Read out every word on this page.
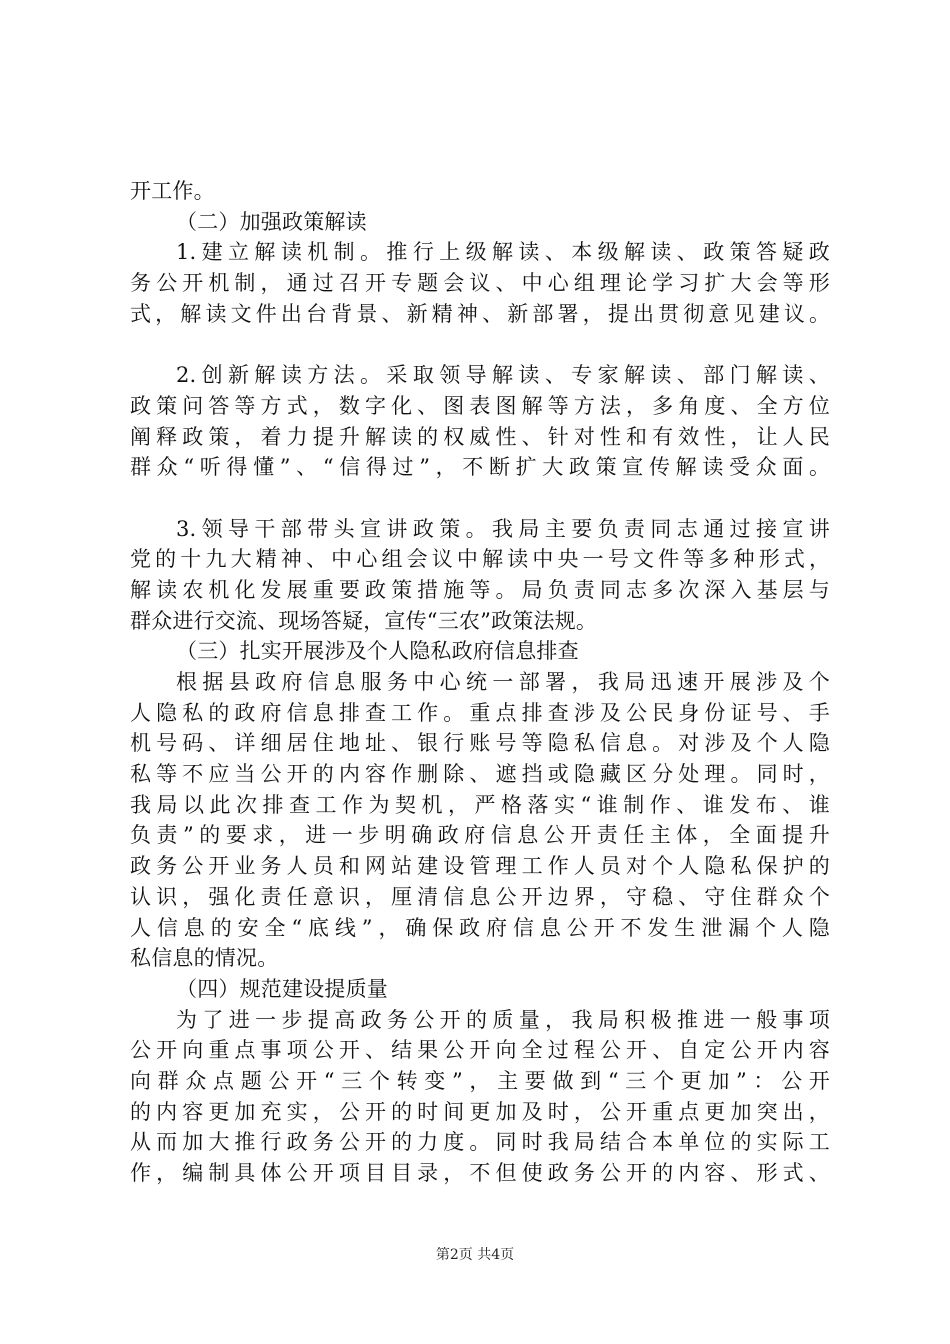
开工作。
（二）加强政策解读
1.建立解读机制。推行上级解读、本级解读、政策答疑政
务公开机制，通过召开专题会议、中心组理论学习扩大会等形
式，解读文件出台背景、新精神、新部署，提出贯彻意见建议。
2.创新解读方法。采取领导解读、专家解读、部门解读、
政策问答等方式，数字化、图表图解等方法，多角度、全方位
阐释政策，着力提升解读的权威性、针对性和有效性，让人民
群众“听得懂”、“信得过”，不断扩大政策宣传解读受众面。
3.领导干部带头宣讲政策。我局主要负责同志通过接宣讲
党的十九大精神、中心组会议中解读中央一号文件等多种形式，
解读农机化发展重要政策措施等。局负责同志多次深入基层与
群众进行交流、现场答疑，宣传“三农”政策法规。
（三）扎实开展涉及个人隐私政府信息排查
根据县政府信息服务中心统一部署，我局迅速开展涉及个
人隐私的政府信息排查工作。重点排查涉及公民身份证号、手
机号码、详细居住地址、银行账号等隐私信息。对涉及个人隐
私等不应当公开的内容作删除、遮挡或隐藏区分处理。同时，
我局以此次排查工作为契机，严格落实“谁制作、谁发布、谁
负责”的要求，进一步明确政府信息公开责任主体，全面提升
政务公开业务人员和网站建设管理工作人员对个人隐私保护的
认识，强化责任意识，厘清信息公开边界，守稳、守住群众个
人信息的安全“底线”，确保政府信息公开不发生泄漏个人隐
私信息的情况。
（四）规范建设提质量
为了进一步提高政务公开的质量，我局积极推进一般事项
公开向重点事项公开、结果公开向全过程公开、自定公开内容
向群众点题公开“三个转变”，主要做到“三个更加”：公开
的内容更加充实，公开的时间更加及时，公开重点更加突出，
从而加大推行政务公开的力度。同时我局结合本单位的实际工
作，编制具体公开项目目录，不但使政务公开的内容、形式、
第2页 共4页
